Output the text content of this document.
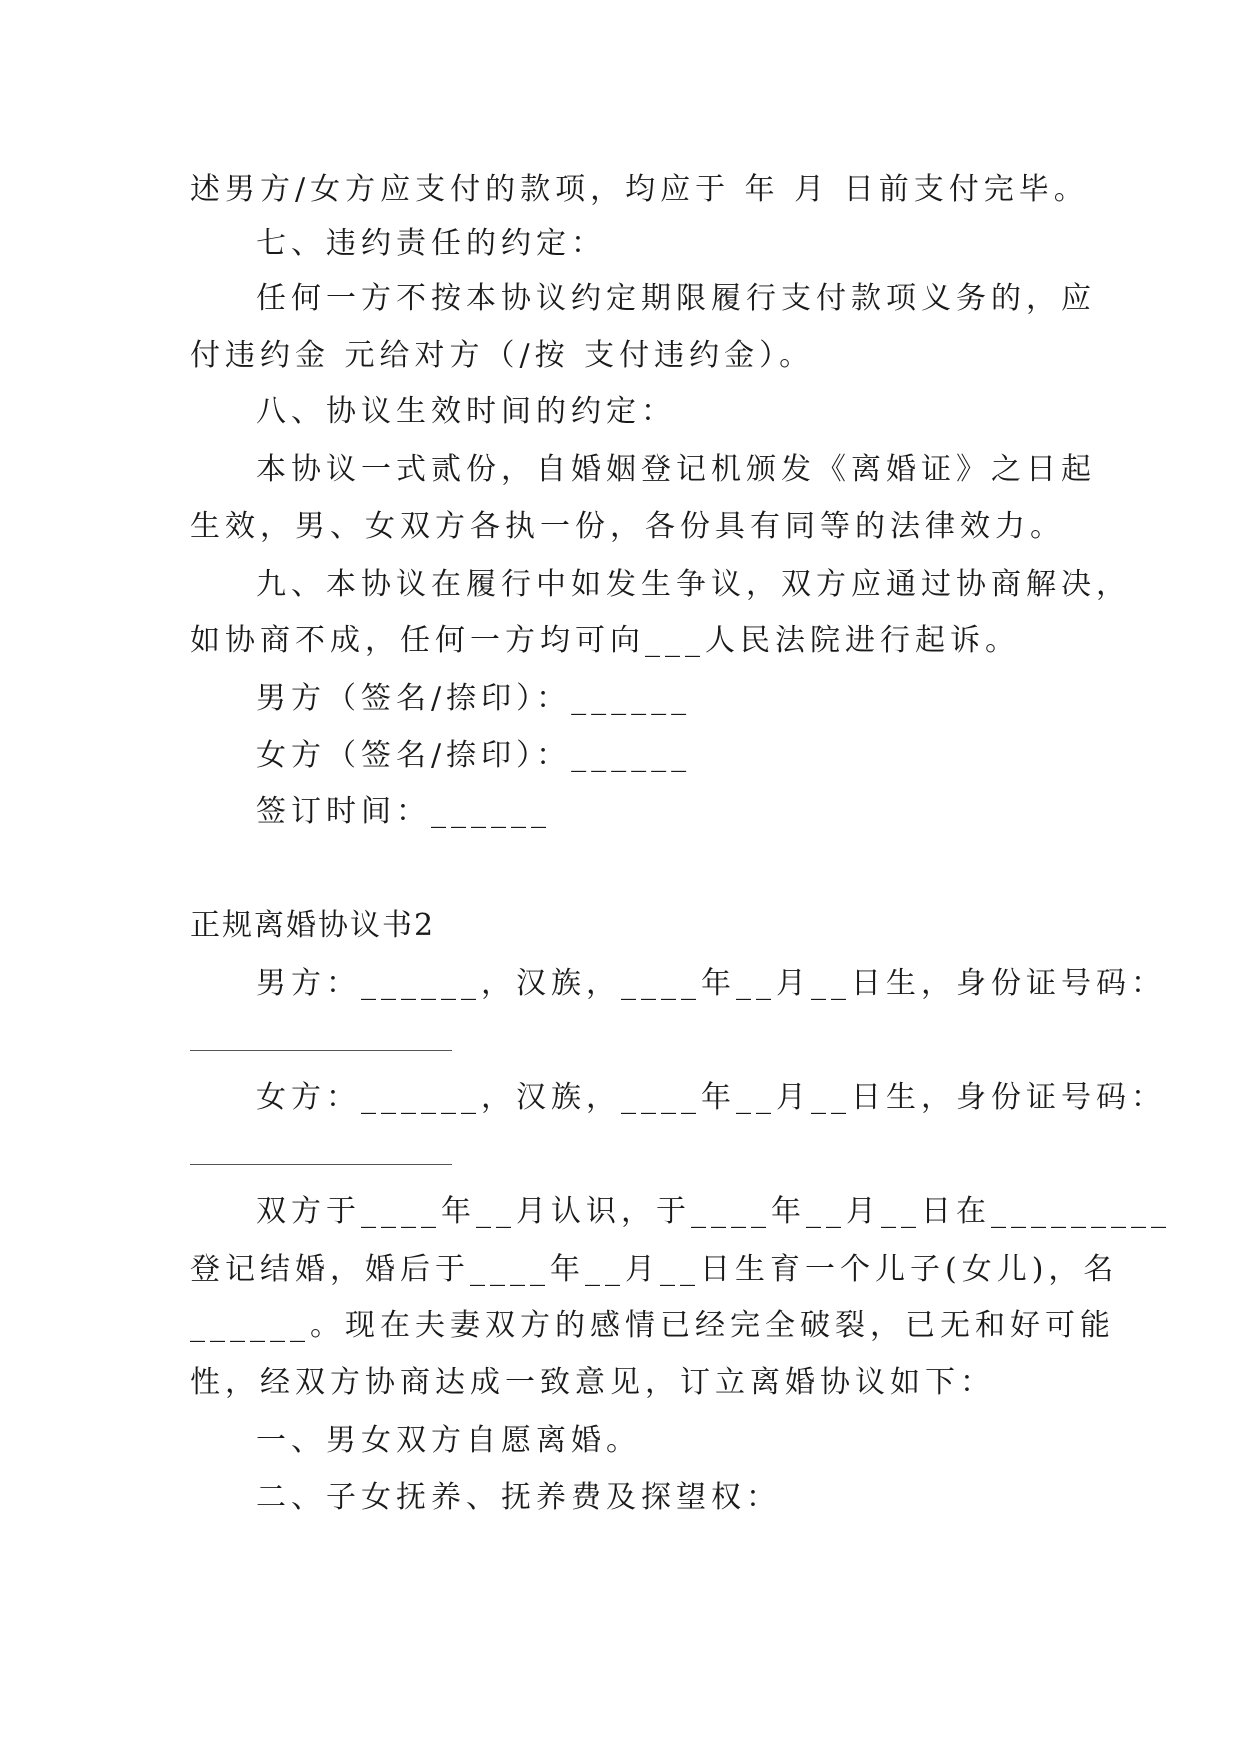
述男方/女方应支付的款项，均应于 年 月 日前支付完毕。
七、违约责任的约定：
任何一方不按本协议约定期限履行支付款项义务的，应
付违约金 元给对方（/按 支付违约金）。
八、协议生效时间的约定：
本协议一式贰份，自婚姻登记机颁发《离婚证》之日起
生效，男、女双方各执一份，各份具有同等的法律效力。
九、本协议在履行中如发生争议，双方应通过协商解决，
如协商不成，任何一方均可向___人民法院进行起诉。
男方（签名/捺印）：______
女方（签名/捺印）：______
签订时间：______
正规离婚协议书2
男方：______，汉族，____年__月__日生，身份证号码：
女方：______，汉族，____年__月__日生，身份证号码：
双方于____年__月认识，于____年__月__日在_________
登记结婚，婚后于____年__月__日生育一个儿子(女儿)，名
______。现在夫妻双方的感情已经完全破裂，已无和好可能
性，经双方协商达成一致意见，订立离婚协议如下：
一、男女双方自愿离婚。
二、子女抚养、抚养费及探望权：
